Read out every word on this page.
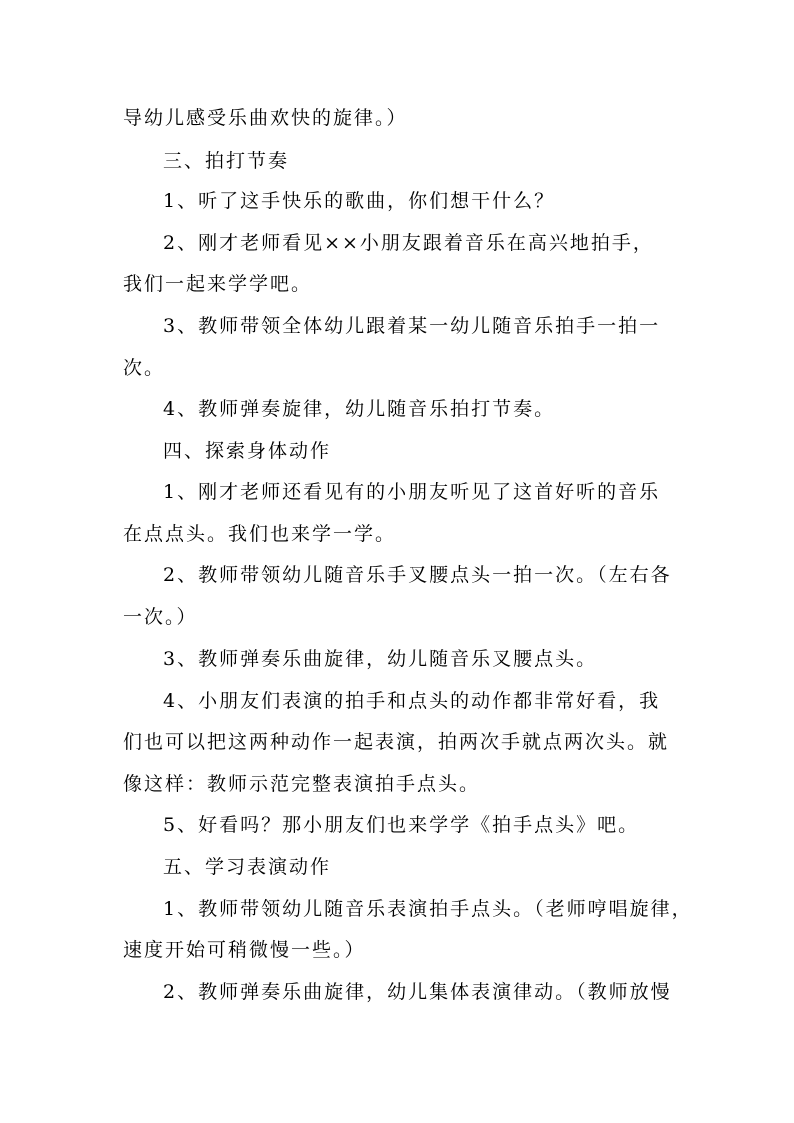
导幼儿感受乐曲欢快的旋律。）
三、拍打节奏
1、听了这手快乐的歌曲，你们想干什么？
2、刚才老师看见××小朋友跟着音乐在高兴地拍手，
我们一起来学学吧。
3、教师带领全体幼儿跟着某一幼儿随音乐拍手一拍一
次。
4、教师弹奏旋律，幼儿随音乐拍打节奏。
四、探索身体动作
1、刚才老师还看见有的小朋友听见了这首好听的音乐
在点点头。我们也来学一学。
2、教师带领幼儿随音乐手叉腰点头一拍一次。（左右各
一次。）
3、教师弹奏乐曲旋律，幼儿随音乐叉腰点头。
4、小朋友们表演的拍手和点头的动作都非常好看，我
们也可以把这两种动作一起表演，拍两次手就点两次头。就
像这样：教师示范完整表演拍手点头。
5、好看吗？那小朋友们也来学学《拍手点头》吧。
五、学习表演动作
1、教师带领幼儿随音乐表演拍手点头。（老师哼唱旋律，
速度开始可稍微慢一些。）
2、教师弹奏乐曲旋律，幼儿集体表演律动。（教师放慢
